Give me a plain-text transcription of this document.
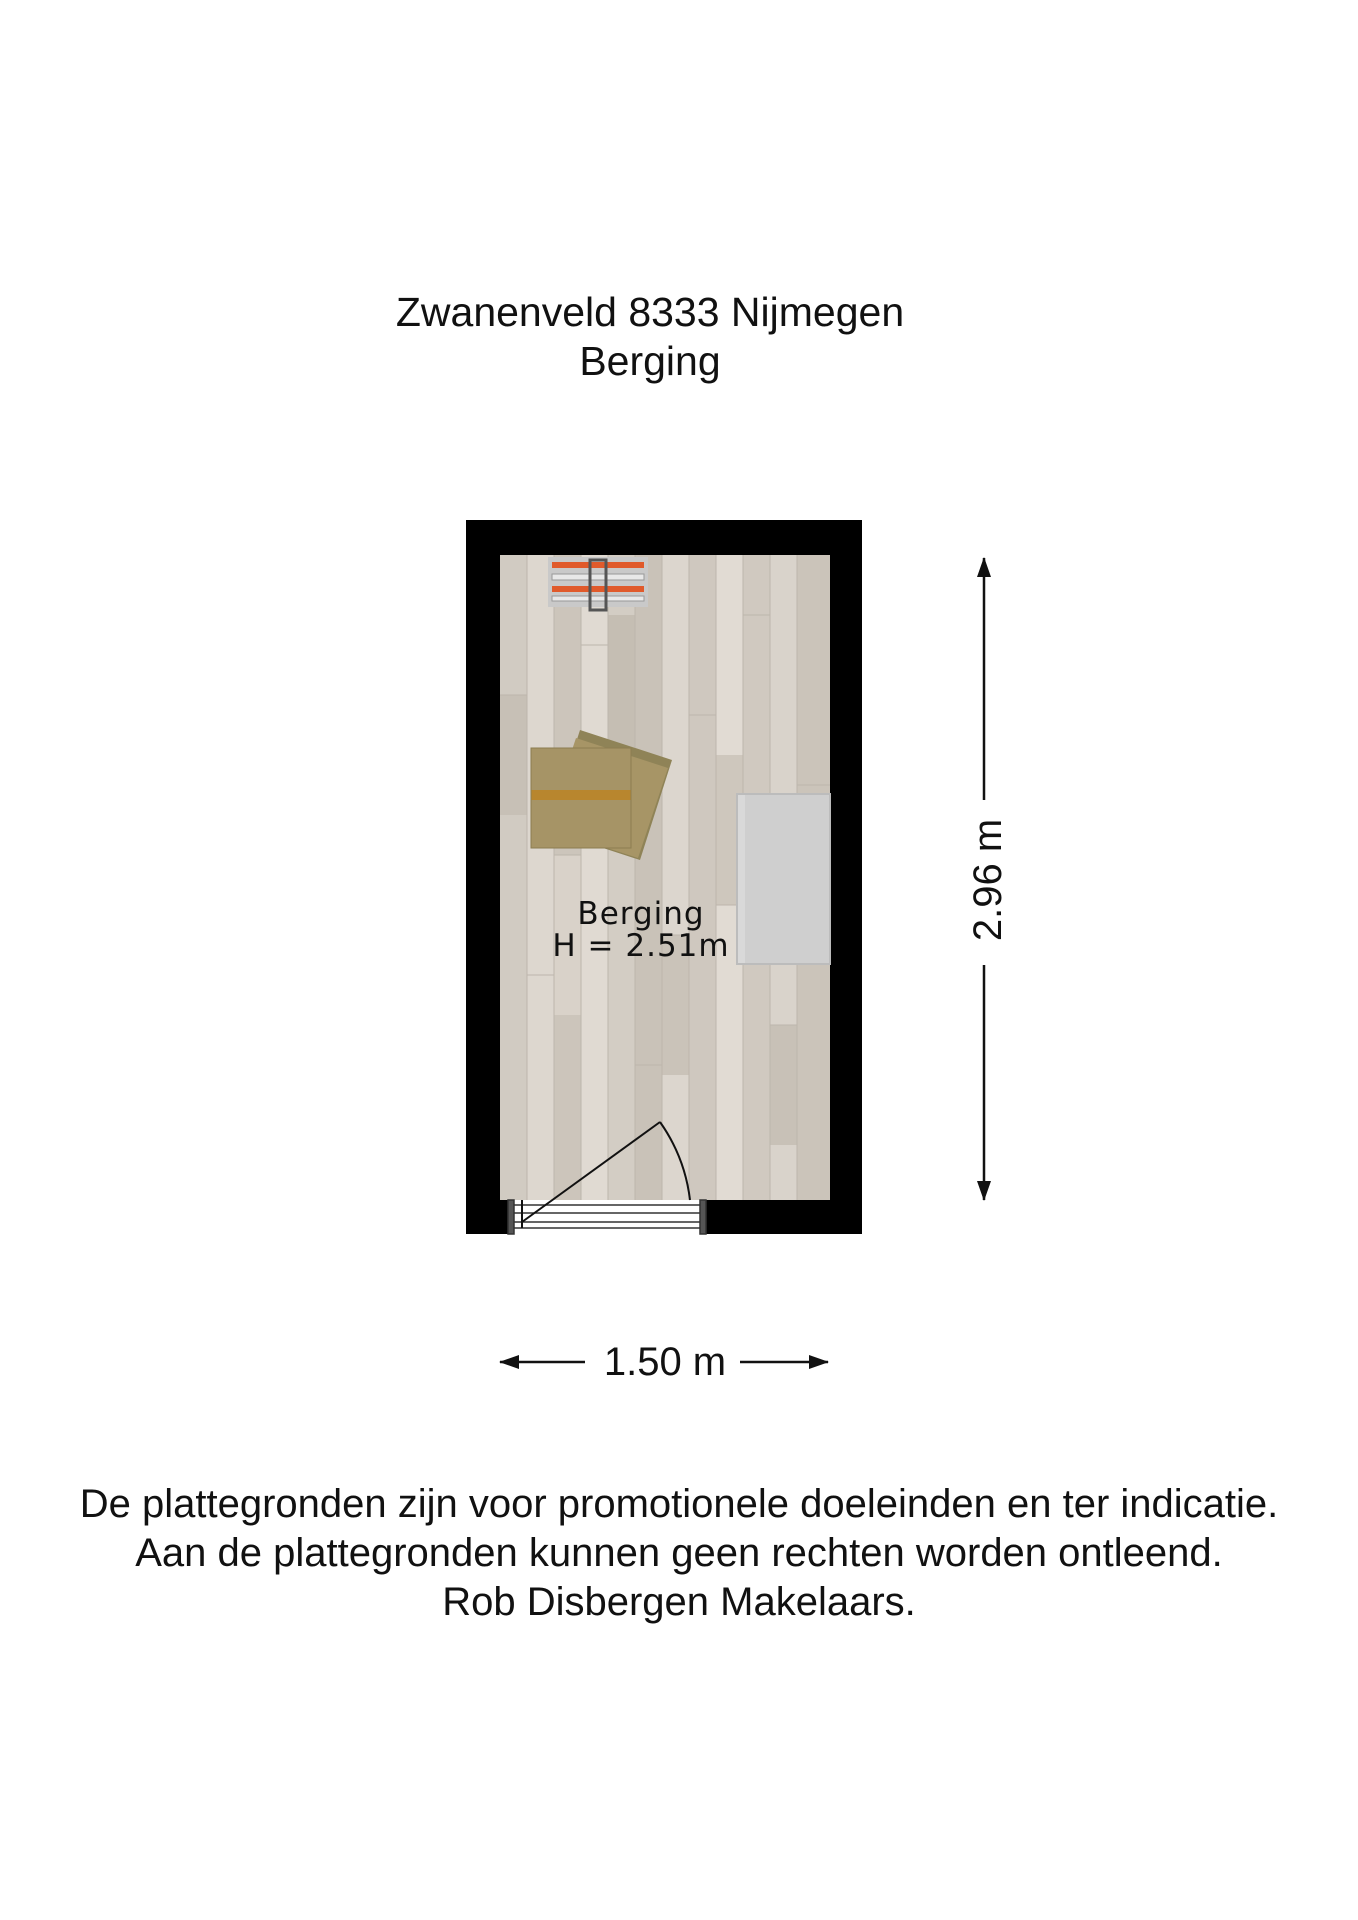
Zwanenveld 8333 Nijmegen
Berging
Berging
H = 2.51m
1.50 m
2.96 m
De plattegronden zijn voor promotionele doeleinden en ter indicatie.
Aan de plattegronden kunnen geen rechten worden ontleend.
Rob Disbergen Makelaars.
